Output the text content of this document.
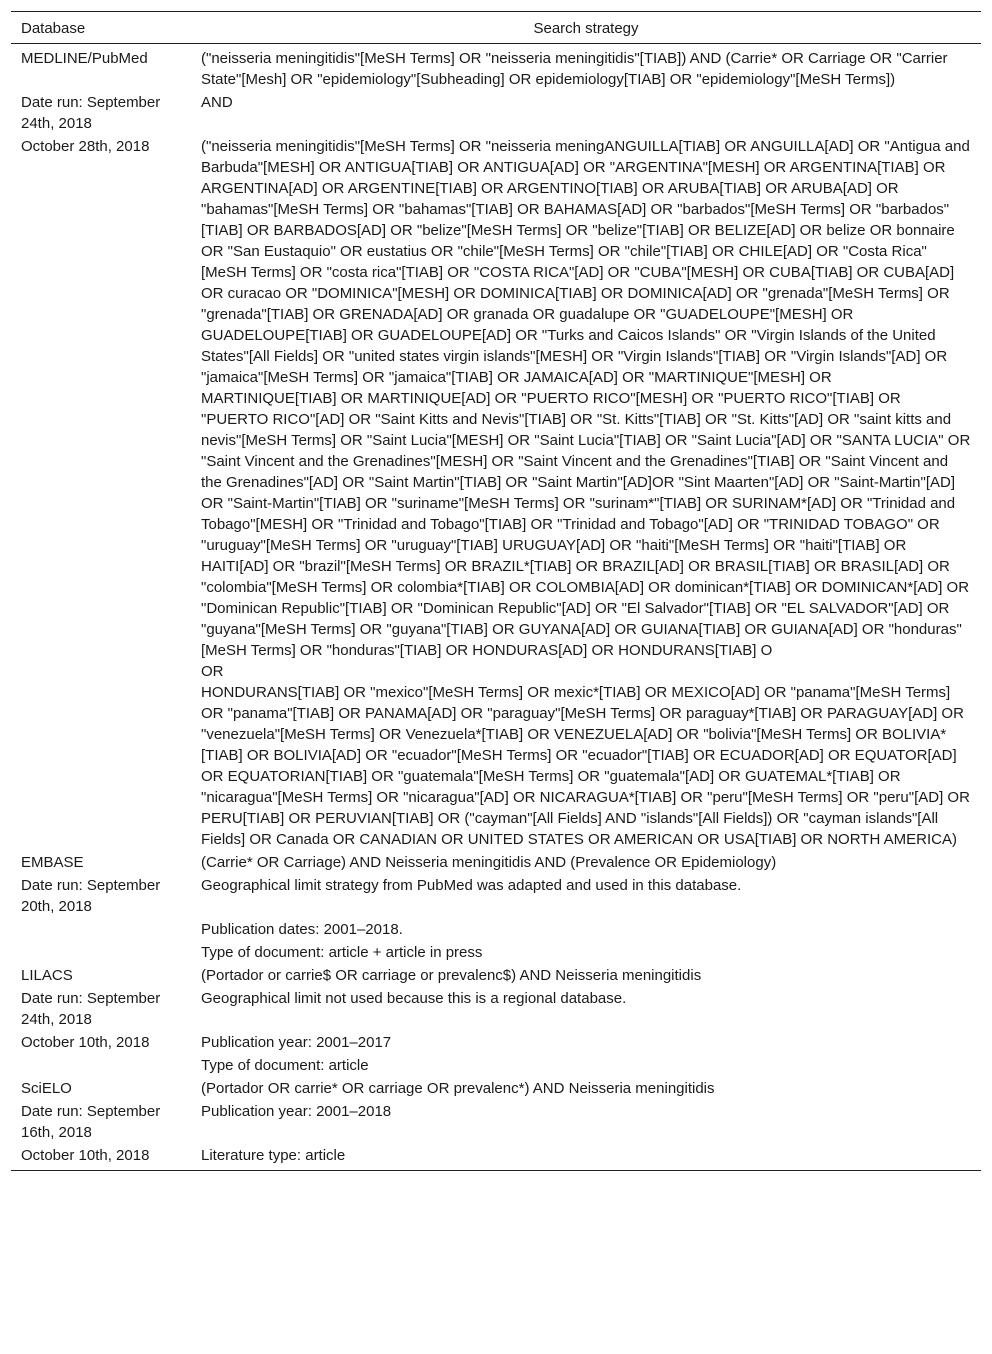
Database	Search strategy
MEDLINE/PubMed	("neisseria meningitidis"[MeSH Terms] OR "neisseria meningitidis"[TIAB]) AND (Carrie* OR Carriage OR "Carrier State"[Mesh] OR "epidemiology"[Subheading] OR epidemiology[TIAB] OR "epidemiology"[MeSH Terms])
Date run: September 24th, 2018	AND
October 28th, 2018	("neisseria meningitidis"[MeSH Terms] OR "neisseria meningANGUILLA[TIAB] OR ANGUILLA[AD] OR "Antigua and Barbuda"[MESH] OR ANTIGUA[TIAB] OR ANTIGUA[AD] OR "ARGENTINA"[MESH] OR ARGENTINA[TIAB] OR ARGENTINA[AD] OR ARGENTINE[TIAB] OR ARGENTINO[TIAB] OR ARUBA[TIAB] OR ARUBA[AD] OR "bahamas"[MeSH Terms] OR "bahamas"[TIAB] OR BAHAMAS[AD] OR "barbados"[MeSH Terms] OR "barbados"[TIAB] OR BARBADOS[AD] OR "belize"[MeSH Terms] OR "belize"[TIAB] OR BELIZE[AD] OR belize OR bonnaire OR "San Eustaquio" OR eustatius OR "chile"[MeSH Terms] OR "chile"[TIAB] OR CHILE[AD] OR "Costa Rica"[MeSH Terms] OR "costa rica"[TIAB] OR "COSTA RICA"[AD] OR "CUBA"[MESH] OR CUBA[TIAB] OR CUBA[AD] OR curacao OR "DOMINICA"[MESH] OR DOMINICA[TIAB] OR DOMINICA[AD] OR "grenada"[MeSH Terms] OR "grenada"[TIAB] OR GRENADA[AD] OR granada OR guadalupe OR "GUADELOUPE"[MESH] OR GUADELOUPE[TIAB] OR GUADELOUPE[AD] OR "Turks and Caicos Islands" OR "Virgin Islands of the United States"[All Fields] OR "united states virgin islands"[MESH] OR "Virgin Islands"[TIAB] OR "Virgin Islands"[AD] OR "jamaica"[MeSH Terms] OR "jamaica"[TIAB] OR JAMAICA[AD] OR "MARTINIQUE"[MESH] OR MARTINIQUE[TIAB] OR MARTINIQUE[AD] OR "PUERTO RICO"[MESH] OR "PUERTO RICO"[TIAB] OR "PUERTO RICO"[AD] OR "Saint Kitts and Nevis"[TIAB] OR "St. Kitts"[TIAB] OR "St. Kitts"[AD] OR "saint kitts and nevis"[MeSH Terms] OR "Saint Lucia"[MESH] OR "Saint Lucia"[TIAB] OR "Saint Lucia"[AD] OR "SANTA LUCIA" OR "Saint Vincent and the Grenadines"[MESH] OR "Saint Vincent and the Grenadines"[TIAB] OR "Saint Vincent and the Grenadines"[AD] OR "Saint Martin"[TIAB] OR "Saint Martin"[AD]OR "Sint Maarten"[AD] OR "Saint-Martin"[AD] OR "Saint-Martin"[TIAB] OR "suriname"[MeSH Terms] OR "surinam*"[TIAB] OR SURINAM*[AD] OR "Trinidad and Tobago"[MESH] OR "Trinidad and Tobago"[TIAB] OR "Trinidad and Tobago"[AD] OR "TRINIDAD TOBAGO" OR "uruguay"[MeSH Terms] OR "uruguay"[TIAB] URUGUAY[AD] OR "haiti"[MeSH Terms] OR "haiti"[TIAB] OR HAITI[AD] OR "brazil"[MeSH Terms] OR BRAZIL*[TIAB] OR BRAZIL[AD] OR BRASIL[TIAB] OR BRASIL[AD] OR "colombia"[MeSH Terms] OR colombia*[TIAB] OR COLOMBIA[AD] OR dominican*[TIAB] OR DOMINICAN*[AD] OR "Dominican Republic"[TIAB] OR "Dominican Republic"[AD] OR "El Salvador"[TIAB] OR "EL SALVADOR"[AD] OR "guyana"[MeSH Terms] OR "guyana"[TIAB] OR GUYANA[AD] OR GUIANA[TIAB] OR GUIANA[AD] OR "honduras"[MeSH Terms] OR "honduras"[TIAB] OR HONDURAS[AD] OR HONDURANS[TIAB] O
OR
HONDURANS[TIAB] OR "mexico"[MeSH Terms] OR mexic*[TIAB] OR MEXICO[AD] OR "panama"[MeSH Terms] OR "panama"[TIAB] OR PANAMA[AD] OR "paraguay"[MeSH Terms] OR paraguay*[TIAB] OR PARAGUAY[AD] OR "venezuela"[MeSH Terms] OR Venezuela*[TIAB] OR VENEZUELA[AD] OR "bolivia"[MeSH Terms] OR BOLIVIA*[TIAB] OR BOLIVIA[AD] OR "ecuador"[MeSH Terms] OR "ecuador"[TIAB] OR ECUADOR[AD] OR EQUATOR[AD] OR EQUATORIAN[TIAB] OR "guatemala"[MeSH Terms] OR "guatemala"[AD] OR GUATEMAL*[TIAB] OR "nicaragua"[MeSH Terms] OR "nicaragua"[AD] OR NICARAGUA*[TIAB] OR "peru"[MeSH Terms] OR "peru"[AD] OR PERU[TIAB] OR PERUVIAN[TIAB] OR ("cayman"[All Fields] AND "islands"[All Fields]) OR "cayman islands"[All Fields] OR Canada OR CANADIAN OR UNITED STATES OR AMERICAN OR USA[TIAB] OR NORTH AMERICA)
EMBASE	(Carrie* OR Carriage) AND Neisseria meningitidis AND (Prevalence OR Epidemiology)
Date run: September 20th, 2018	Geographical limit strategy from PubMed was adapted and used in this database.
	Publication dates: 2001–2018.
	Type of document: article + article in press
LILACS	(Portador or carrie$ OR carriage or prevalenc$) AND Neisseria meningitidis
Date run: September 24th, 2018	Geographical limit not used because this is a regional database.
October 10th, 2018	Publication year: 2001–2017
	Type of document: article
SciELO	(Portador OR carrie* OR carriage OR prevalenc*) AND Neisseria meningitidis
Date run: September 16th, 2018	Publication year: 2001–2018
October 10th, 2018	Literature type: article
